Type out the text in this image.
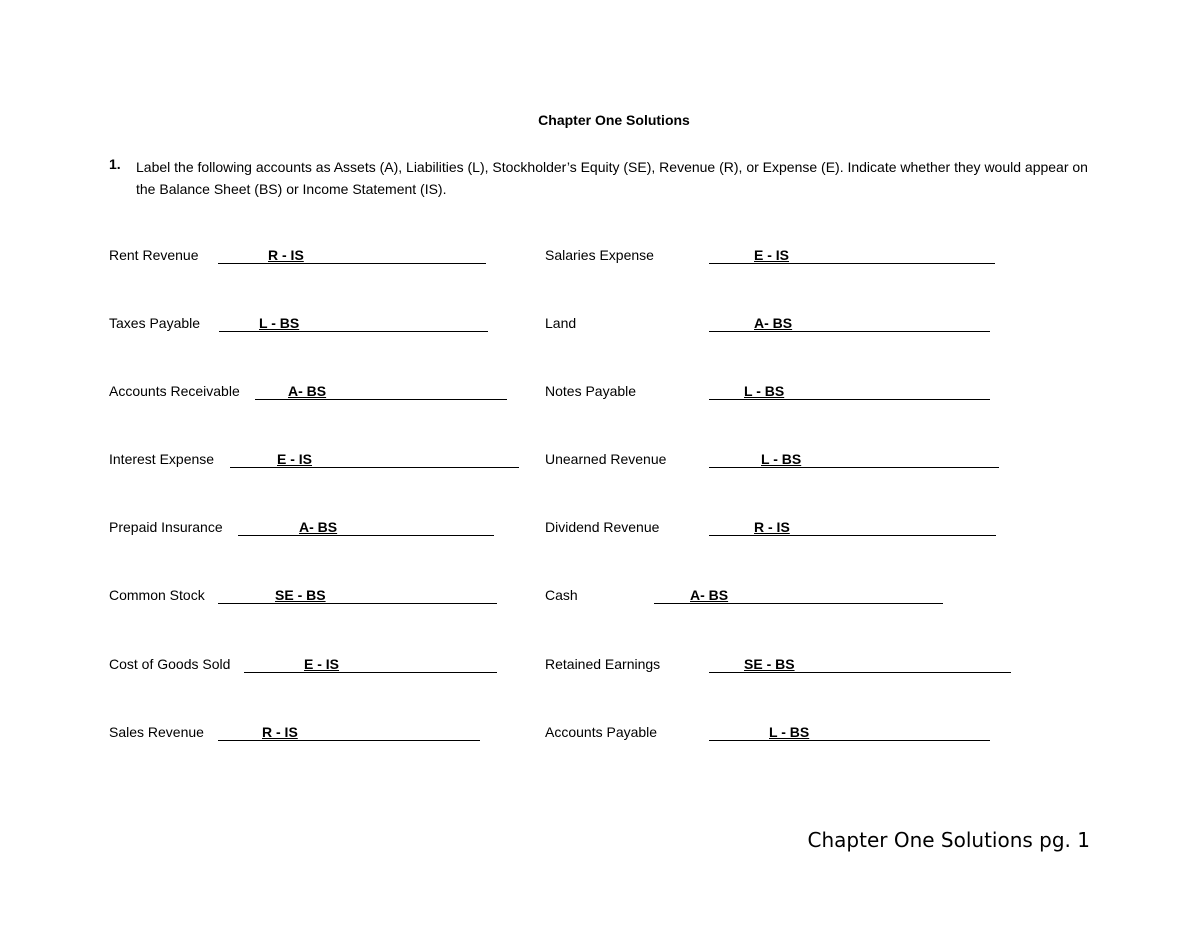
Chapter One Solutions
1. Label the following accounts as Assets (A), Liabilities (L), Stockholder’s Equity (SE), Revenue (R), or Expense (E). Indicate whether they would appear on the Balance Sheet (BS) or Income Statement (IS).
Rent Revenue	R - IS
Taxes Payable	L - BS
Accounts Receivable	A- BS
Interest Expense	E - IS
Prepaid Insurance	A- BS
Common Stock	SE - BS
Cost of Goods Sold	E - IS
Sales Revenue	R - IS
Salaries Expense	E - IS
Land	A- BS
Notes Payable	L - BS
Unearned Revenue	L - BS
Dividend Revenue	R - IS
Cash	A- BS
Retained Earnings	SE - BS
Accounts Payable	L - BS
Chapter One Solutions pg. 1
